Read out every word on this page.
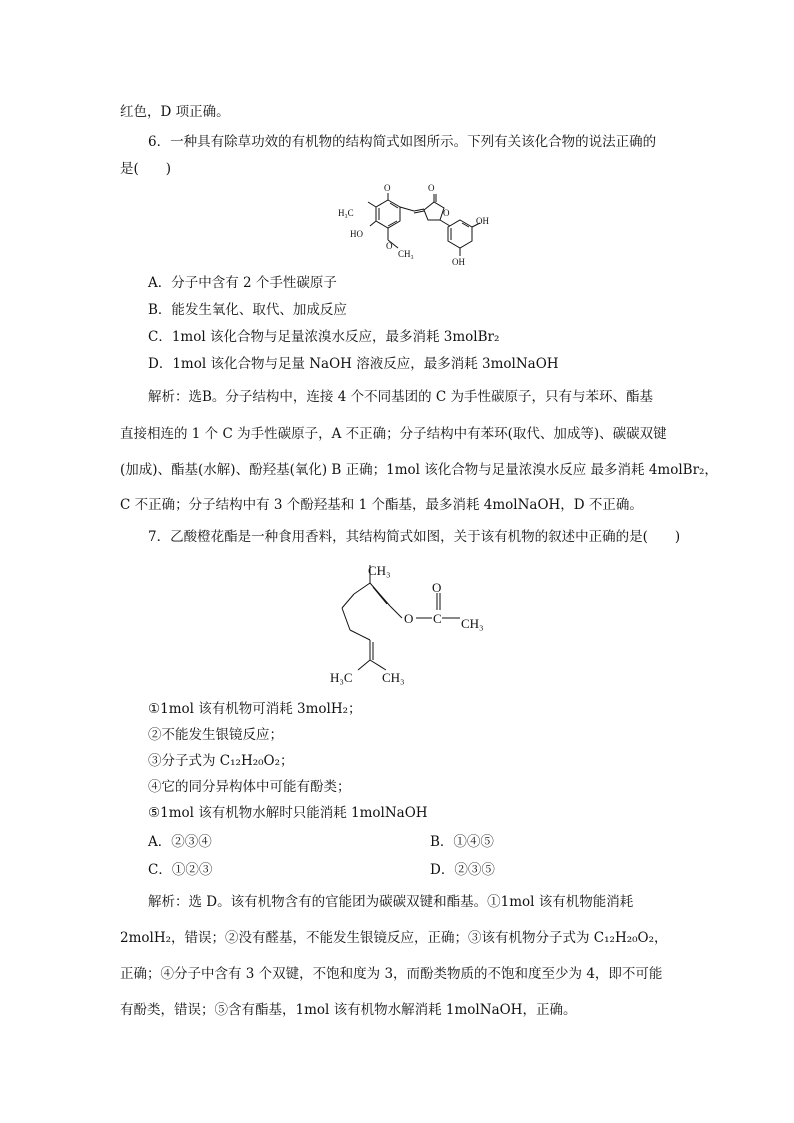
红色，D 项正确。
6．一种具有除草功效的有机物的结构简式如图所示。下列有关该化合物的说法正确的
是(　　)
O
O
O
H₃C
HO
O
CH₃
OH
OH
A．分子中含有 2 个手性碳原子
B．能发生氧化、取代、加成反应
C．1mol 该化合物与足量浓溴水反应，最多消耗 3molBr₂
D．1mol 该化合物与足量 NaOH 溶液反应，最多消耗 3molNaOH
解析：选B。分子结构中，连接 4 个不同基团的 C 为手性碳原子，只有与苯环、酯基
直接相连的 1 个 C 为手性碳原子，A 不正确；分子结构中有苯环(取代、加成等)、碳碳双键
(加成)、酯基(水解)、酚羟基(氧化) B 正确；1mol 该化合物与足量浓溴水反应 最多消耗 4molBr₂，
C 不正确；分子结构中有 3 个酚羟基和 1 个酯基，最多消耗 4molNaOH，D 不正确。
7．乙酸橙花酯是一种食用香料，其结构简式如图，关于该有机物的叙述中正确的是(　　)
CH₃
O
O C CH₃
H₃C CH₃
①1mol 该有机物可消耗 3molH₂；
②不能发生银镜反应；
③分子式为 C₁₂H₂₀O₂；
④它的同分异构体中可能有酚类；
⑤1mol 该有机物水解时只能消耗 1molNaOH
A．②③④	B．①④⑤
C．①②③	D．②③⑤
解析：选 D。该有机物含有的官能团为碳碳双键和酯基。①1mol 该有机物能消耗
2molH₂，错误；②没有醛基，不能发生银镜反应，正确；③该有机物分子式为 C₁₂H₂₀O₂，
正确；④分子中含有 3 个双键，不饱和度为 3，而酚类物质的不饱和度至少为 4，即不可能
有酚类，错误；⑤含有酯基，1mol 该有机物水解消耗 1molNaOH，正确。
